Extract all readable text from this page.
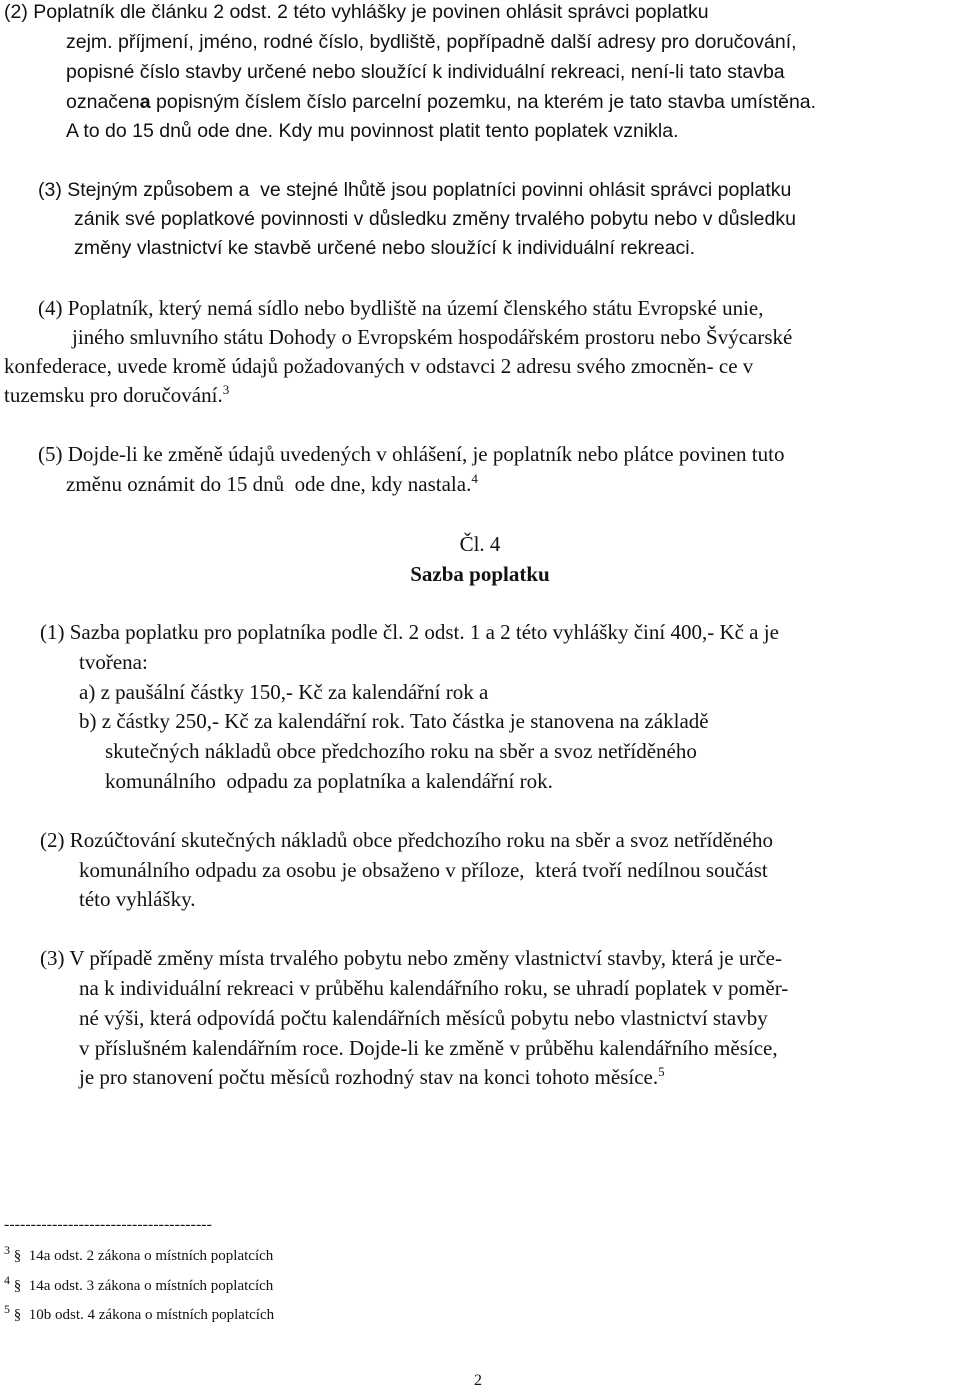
(2) Poplatník dle článku 2 odst. 2 této vyhlášky je povinen ohlásit správci poplatku
zejm. příjmení, jméno, rodné číslo, bydliště, popřípadně další adresy pro doručování,
popisné číslo stavby určené nebo sloužící k individuální rekreaci, není-li tato stavba
označena popisným číslem číslo parcelní pozemku, na kterém je tato stavba umístěna.
A to do 15 dnů ode dne. Kdy mu povinnost platit tento poplatek vznikla.
(3) Stejným způsobem a  ve stejné lhůtě jsou poplatníci povinni ohlásit správci poplatku
zánik své poplatkové povinnosti v důsledku změny trvalého pobytu nebo v důsledku
změny vlastnictví ke stavbě určené nebo sloužící k individuální rekreaci.
(4) Poplatník, který nemá sídlo nebo bydliště na území členského státu Evropské unie,
jiného smluvního státu Dohody o Evropském hospodářském prostoru nebo Švýcarské
konfederace, uvede kromě údajů požadovaných v odstavci 2 adresu svého zmocněn- ce v
tuzemsku pro doručování.$^3$
(5) Dojde-li ke změně údajů uvedených v ohlášení, je poplatník nebo plátce povinen tuto
změnu oznámit do 15 dnů  ode dne, kdy nastala.$^4$
Čl. 4
Sazba poplatku
(1) Sazba poplatku pro poplatníka podle čl. 2 odst. 1 a 2 této vyhlášky činí 400,- Kč a je
tvořena:
a) z paušální částky 150,- Kč za kalendářní rok a
b) z částky 250,- Kč za kalendářní rok. Tato částka je stanovena na základě
skutečných nákladů obce předchozího roku na sběr a svoz netříděného
komunálního  odpadu za poplatníka a kalendářní rok.
(2) Rozúčtování skutečných nákladů obce předchozího roku na sběr a svoz netříděného
komunálního odpadu za osobu je obsaženo v příloze,  která tvoří nedílnou součást
této vyhlášky.
(3) V případě změny místa trvalého pobytu nebo změny vlastnictví stavby, která je urče-
na k individuální rekreaci v průběhu kalendářního roku, se uhradí poplatek v poměr-
né výši, která odpovídá počtu kalendářních měsíců pobytu nebo vlastnictví stavby
v příslušném kalendářním roce. Dojde-li ke změně v průběhu kalendářního měsíce,
je pro stanovení počtu měsíců rozhodný stav na konci tohoto měsíce.$^5$
---------------------------------------
$^3$ §  14a odst. 2 zákona o místních poplatcích
$^4$ §  14a odst. 3 zákona o místních poplatcích
$^5$ §  10b odst. 4 zákona o místních poplatcích
2
